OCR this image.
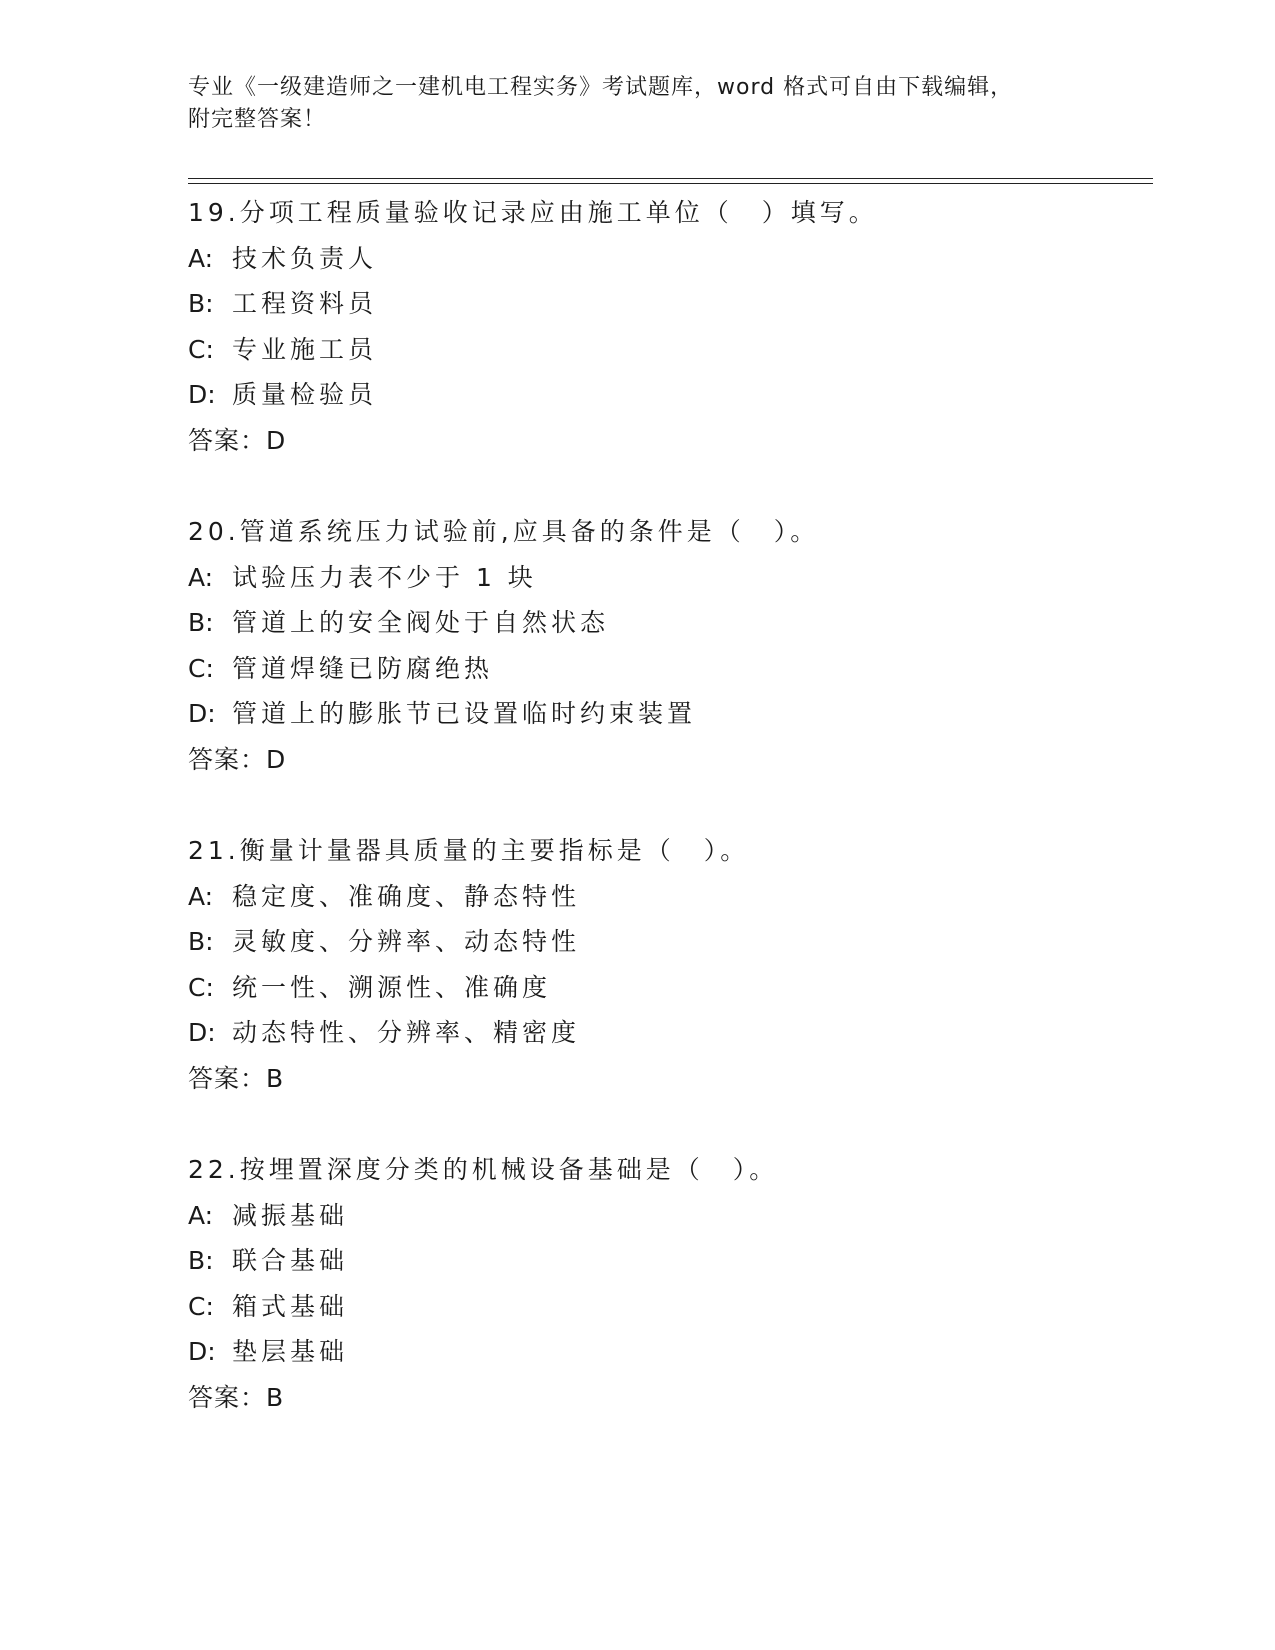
专业《一级建造师之一建机电工程实务》考试题库，word 格式可自由下载编辑，
附完整答案！
19.分项工程质量验收记录应由施工单位（　）填写。
A: 技术负责人
B: 工程资料员
C: 专业施工员
D: 质量检验员
答案：D
20.管道系统压力试验前,应具备的条件是（　）。
A: 试验压力表不少于 1 块
B: 管道上的安全阀处于自然状态
C: 管道焊缝已防腐绝热
D: 管道上的膨胀节已设置临时约束装置
答案：D
21.衡量计量器具质量的主要指标是（　）。
A: 稳定度、准确度、静态特性
B: 灵敏度、分辨率、动态特性
C: 统一性、溯源性、准确度
D: 动态特性、分辨率、精密度
答案：B
22.按埋置深度分类的机械设备基础是（　）。
A: 减振基础
B: 联合基础
C: 箱式基础
D: 垫层基础
答案：B
